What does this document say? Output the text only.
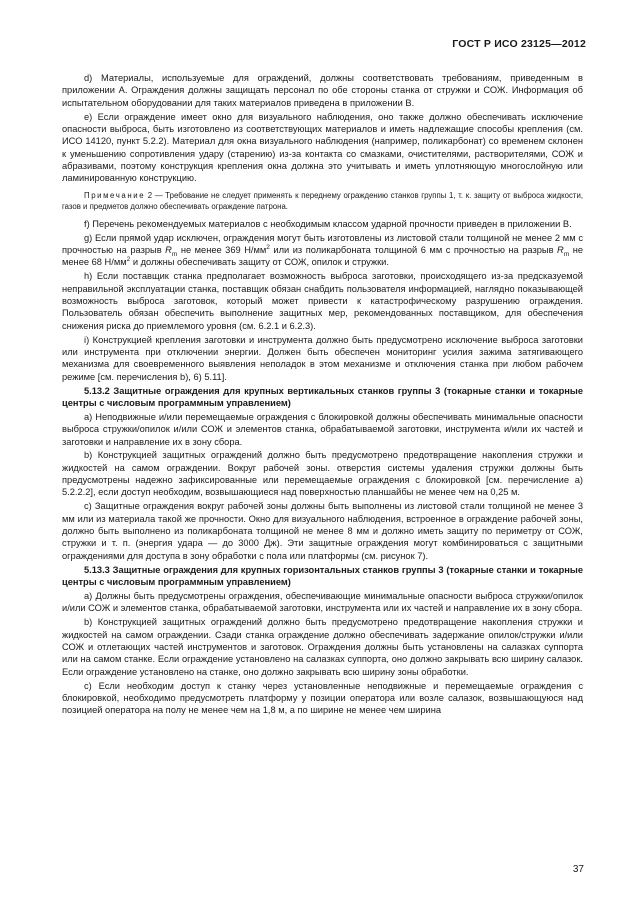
ГОСТ Р ИСО 23125—2012

d) Материалы, используемые для ограждений, должны соответствовать требованиям, приведенным в приложении А. Ограждения должны защищать персонал по обе стороны станка от стружки и СОЖ. Информация об испытательном оборудовании для таких материалов приведена в приложении В.

e) Если ограждение имеет окно для визуального наблюдения, оно также должно обеспечивать исключение опасности выброса, быть изготовлено из соответствующих материалов и иметь надлежащие способы крепления (см. ИСО 14120, пункт 5.2.2). Материал для окна визуального наблюдения (например, поликарбонат) со временем склонен к уменьшению сопротивления удару (старению) из-за контакта со смазками, очистителями, растворителями, СОЖ и абразивами, поэтому конструкция крепления окна должна это учитывать и иметь уплотняющую многослойную или ламинированную конструкцию.

Примечание 2 — Требование не следует применять к переднему ограждению станков группы 1, т. к. защиту от выброса жидкости, газов и предметов должно обеспечивать ограждение патрона.

f) Перечень рекомендуемых материалов с необходимым классом ударной прочности приведен в приложении В.

g) Если прямой удар исключен, ограждения могут быть изготовлены из листовой стали толщиной не менее 2 мм с прочностью на разрыв $R_m$ не менее 369 $Н/мм^2$ или из поликарбоната толщиной 6 мм с прочностью на разрыв $R_m$ не менее 68 $Н/мм^2$ и должны обеспечивать защиту от СОЖ, опилок и стружки.

h) Если поставщик станка предполагает возможность выброса заготовки, происходящего из-за предсказуемой неправильной эксплуатации станка, поставщик обязан снабдить пользователя информацией, наглядно показывающей возможность выброса заготовок, который может привести к катастрофическому разрушению ограждения. Пользователь обязан обеспечить выполнение защитных мер, рекомендованных поставщиком, для обеспечения снижения риска до приемлемого уровня (см. 6.2.1 и 6.2.3).

i) Конструкцией крепления заготовки и инструмента должно быть предусмотрено исключение выброса заготовки или инструмента при отключении энергии. Должен быть обеспечен мониторинг усилия зажима затягивающего механизма для своевременного выявления неполадок в этом механизме и отключения станка при любом рабочем режиме [см. перечисления b), 6) 5.11].

5.13.2 Защитные ограждения для крупных вертикальных станков группы 3 (токарные станки и токарные центры с числовым программным управлением)

a) Неподвижные и/или перемещаемые ограждения с блокировкой должны обеспечивать минимальные опасности выброса стружки/опилок и/или СОЖ и элементов станка, обрабатываемой заготовки, инструмента и/или их частей и заготовки и направление их в зону сбора.

b) Конструкцией защитных ограждений должно быть предусмотрено предотвращение накопления стружки и жидкостей на самом ограждении. Вокруг рабочей зоны. отверстия системы удаления стружки должны быть предусмотрены надежно зафиксированные или перемещаемые ограждения с блокировкой [см. перечисление a) 5.2.2.2], если доступ необходим, возвышающиеся над поверхностью планшайбы не менее чем на 0,25 м.

c) Защитные ограждения вокруг рабочей зоны должны быть выполнены из листовой стали толщиной не менее 3 мм или из материала такой же прочности. Окно для визуального наблюдения, встроенное в ограждение рабочей зоны, должно быть выполнено из поликарбоната толщиной не менее 8 мм и должно иметь защиту по периметру от СОЖ, стружки и т. п. (энергия удара — до 3000 Дж). Эти защитные ограждения могут комбинироваться с защитными ограждениями для доступа в зону обработки с пола или платформы (см. рисунок 7).

5.13.3 Защитные ограждения для крупных горизонтальных станков группы 3 (токарные станки и токарные центры с числовым программным управлением)

a) Должны быть предусмотрены ограждения, обеспечивающие минимальные опасности выброса стружки/опилок и/или СОЖ и элементов станка, обрабатываемой заготовки, инструмента или их частей и направление их в зону сбора.

b) Конструкцией защитных ограждений должно быть предусмотрено предотвращение накопления стружки и жидкостей на самом ограждении. Сзади станка ограждение должно обеспечивать задержание опилок/стружки и/или СОЖ и отлетающих частей инструментов и заготовок. Ограждения должны быть установлены на салазках суппорта или на самом станке. Если ограждение установлено на салазках суппорта, оно должно закрывать всю ширину салазок. Если ограждение установлено на станке, оно должно закрывать всю ширину зоны обработки.

c) Если необходим доступ к станку через установленные неподвижные и перемещаемые ограждения с блокировкой, необходимо предусмотреть платформу у позиции оператора или возле салазок, возвышающуюся над позицией оператора на полу не менее чем на 1,8 м, а по ширине не менее чем ширина

37
